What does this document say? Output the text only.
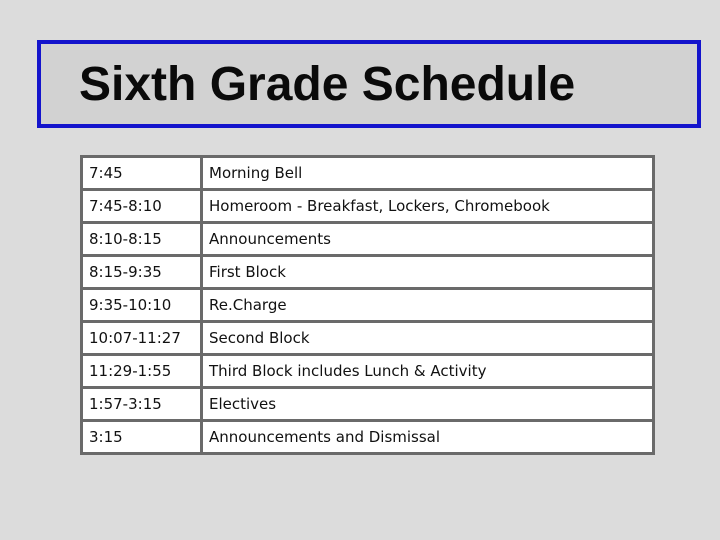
Sixth Grade Schedule
7:45	Morning Bell
7:45-8:10	Homeroom - Breakfast, Lockers, Chromebook
8:10-8:15	Announcements
8:15-9:35	First Block
9:35-10:10	Re.Charge
10:07-11:27	Second Block
11:29-1:55	Third Block includes Lunch & Activity
1:57-3:15	Electives
3:15	Announcements and Dismissal
